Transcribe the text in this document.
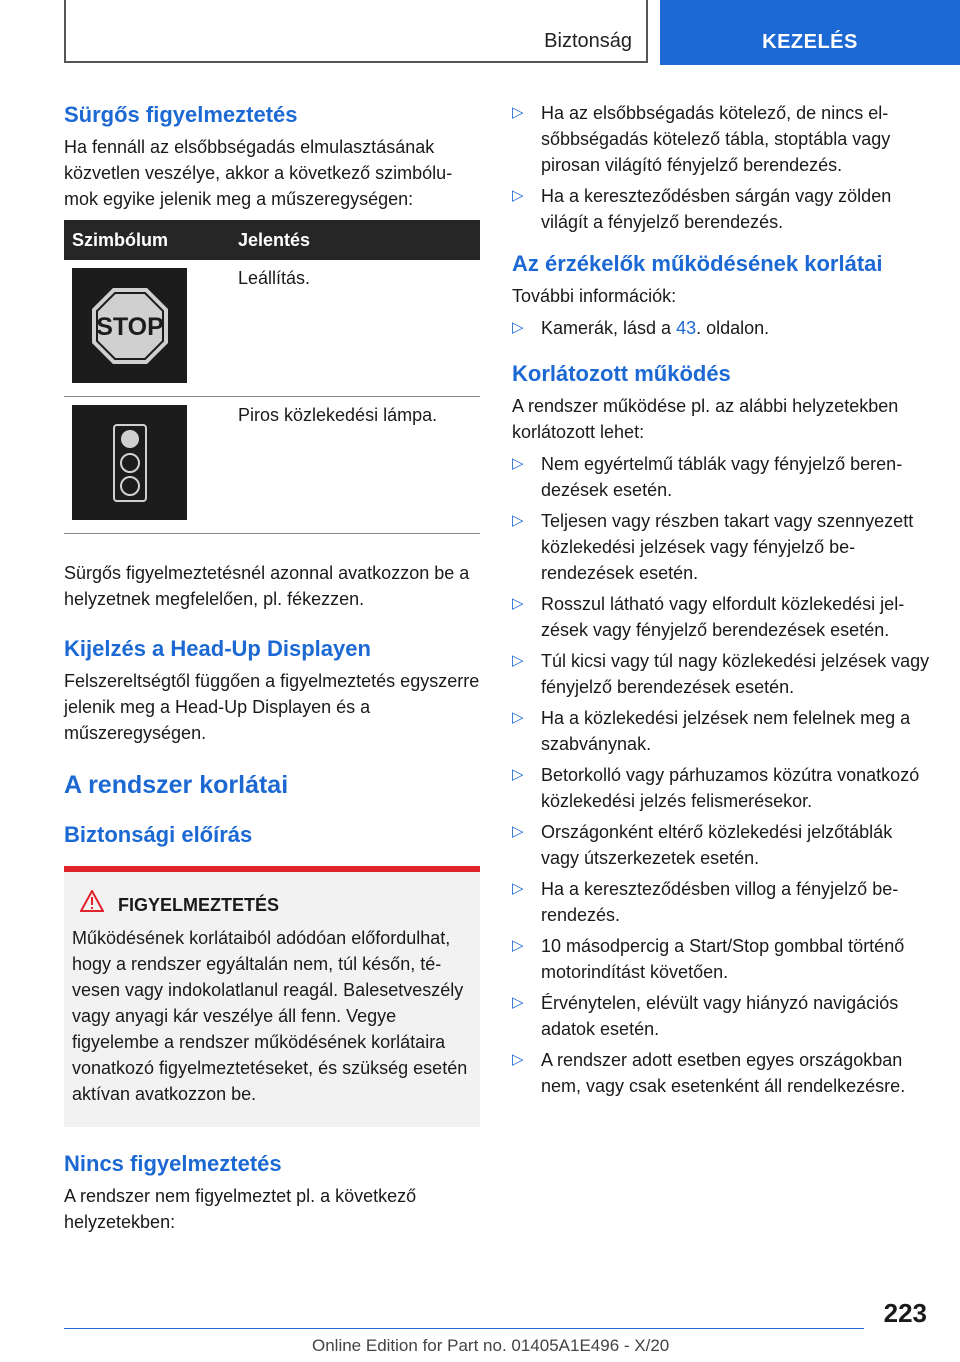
Biztonság	KEZELÉS
Sürgős figyelmeztetés

Ha fennáll az elsőbbségadás elmulasztásának közvetlen veszélye, akkor a következő szimbólumok egyike jelenik meg a műszeregységen:

Szimbólum	Jelentés

STOP	Leállítás.

	Piros közlekedési lámpa.

Sürgős figyelmeztetésnél azonnal avatkozzon be a helyzetnek megfelelően, pl. fékezzen.

Kijelzés a Head-Up Displayen

Felszereltségtől függően a figyelmeztetés egyszerre jelenik meg a Head-Up Displayen és a műszeregységen.

A rendszer korlátai
Biztonsági előírás
FIGYELMEZTETÉS

Működésének korlátaiból adódóan előfordulhat, hogy a rendszer egyáltalán nem, túl későn, tévesen vagy indokolatlanul reagál. Balesetveszély vagy anyagi kár veszélye áll fenn. Vegye figyelembe a rendszer működésének korlátaira vonatkozó figyelmeztetéseket, és szükség esetén aktívan avatkozzon be.

Nincs figyelmeztetés

A rendszer nem figyelmeztet pl. a következő helyzetekben:

▷ Ha az elsőbbségadás kötelező, de nincs elsőbbségadás kötelező tábla, stoptábla vagy pirosan világító fényjelző berendezés.
▷ Ha a kereszteződésben sárgán vagy zölden világít a fényjelző berendezés.
Az érzékelők működésének korlátai

További információk:

▷ Kamerák, lásd a 43. oldalon.
Korlátozott működés

A rendszer működése pl. az alábbi helyzetekben korlátozott lehet:

▷ Nem egyértelmű táblák vagy fényjelző berendezések esetén.
▷ Teljesen vagy részben takart vagy szennyezett közlekedési jelzések vagy fényjelző berendezések esetén.
▷ Rosszul látható vagy elfordult közlekedési jelzések vagy fényjelző berendezések esetén.
▷ Túl kicsi vagy túl nagy közlekedési jelzések vagy fényjelző berendezések esetén.
▷ Ha a közlekedési jelzések nem felelnek meg a szabványnak.
▷ Betorkolló vagy párhuzamos közútra vonatkozó közlekedési jelzés felismerésekor.
▷ Országonként eltérő közlekedési jelzőtáblák vagy útszerkezetek esetén.
▷ Ha a kereszteződésben villog a fényjelző berendezés.
▷ 10 másodpercig a Start/Stop gombbal történő motorindítást követően.
▷ Érvénytelen, elévült vagy hiányzó navigációs adatok esetén.
▷ A rendszer adott esetben egyes országokban nem, vagy csak esetenként áll rendelkezésre.
223
Online Edition for Part no. 01405A1E496 - X/20
